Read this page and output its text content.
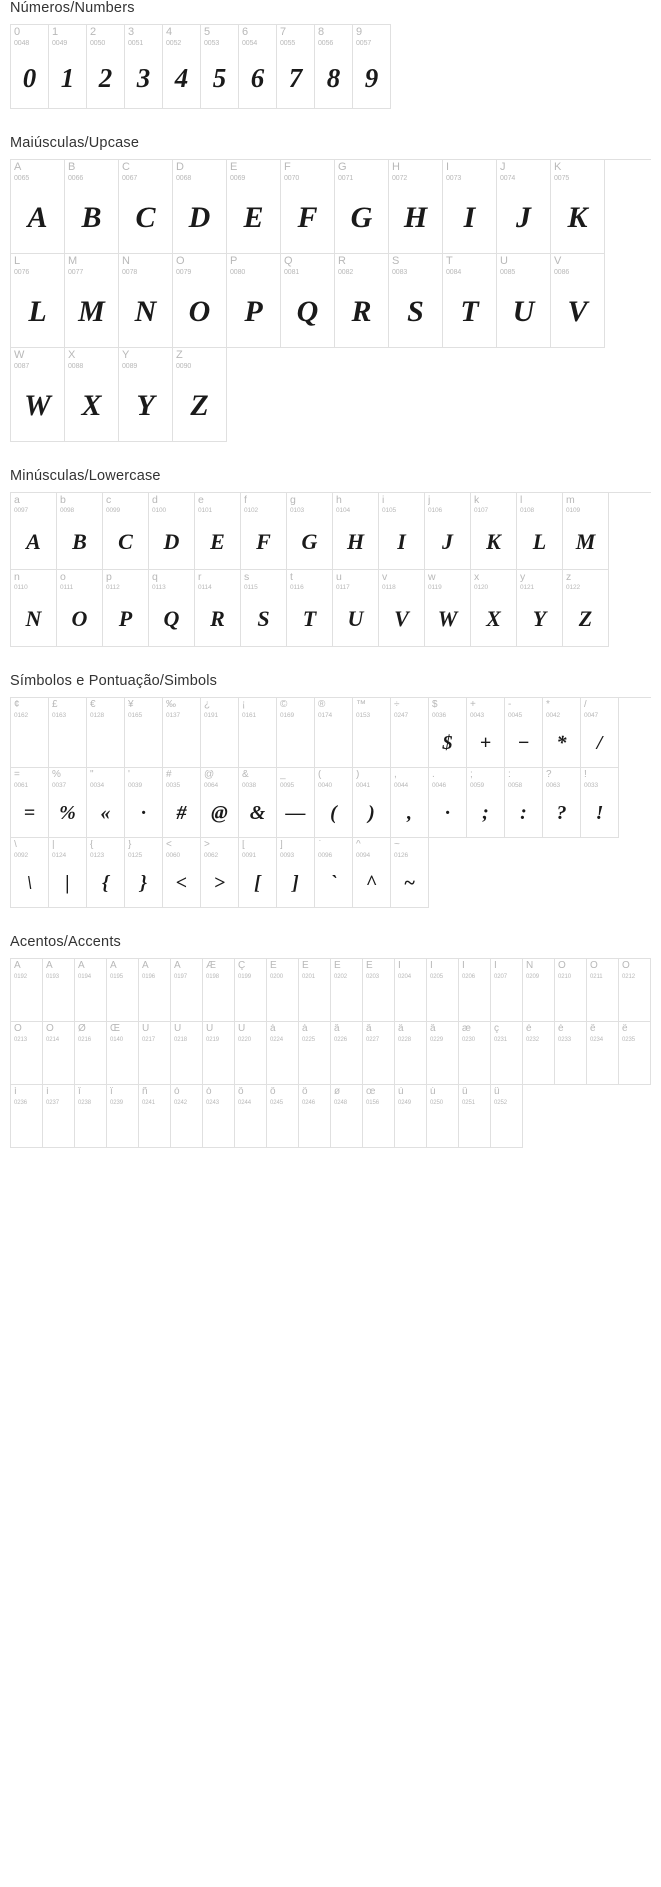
Números/Numbers
0
0048
0
1
0049
1
2
0050
2
3
0051
3
4
0052
4
5
0053
5
6
0054
6
7
0055
7
8
0056
8
9
0057
9
Maiúsculas/Upcase
A
0065
A
B
0066
B
C
0067
C
D
0068
D
E
0069
E
F
0070
F
G
0071
G
H
0072
H
I
0073
I
J
0074
J
K
0075
K
L
0076
L
M
0077
M
N
0078
N
O
0079
O
P
0080
P
Q
0081
Q
R
0082
R
S
0083
S
T
0084
T
U
0085
U
V
0086
V
W
0087
W
X
0088
X
Y
0089
Y
Z
0090
Z
Minúsculas/Lowercase
a
0097
A
b
0098
B
c
0099
C
d
0100
D
e
0101
E
f
0102
F
g
0103
G
h
0104
H
i
0105
I
j
0106
J
k
0107
K
l
0108
L
m
0109
M
n
0110
N
o
0111
O
p
0112
P
q
0113
Q
r
0114
R
s
0115
S
t
0116
T
u
0117
U
v
0118
V
w
0119
W
x
0120
X
y
0121
Y
z
0122
Z
Símbolos e Pontuação/Simbols
¢
0162
£
0163
€
0128
¥
0165
‰
0137
¿
0191
¡
0161
©
0169
®
0174
™
0153
÷
0247
$
0036
$
+
0043
+
-
0045
−
*
0042
*
/
0047
/
=
0061
=
%
0037
%
"
0034
«
'
0039
·
#
0035
#
@
0064
@
&
0038
&
_
0095
—
(
0040
(
)
0041
)
,
0044
,
.
0046
·
;
0059
;
:
0058
:
?
0063
?
!
0033
!
\
0092
\
|
0124
|
{
0123
{
}
0125
}
<
0060
<
>
0062
>
[
0091
[
]
0093
]
`
0096
`
^
0094
^
~
0126
~
Acentos/Accents
À
0192
Á
0193
Â
0194
Ã
0195
Ä
0196
Å
0197
Æ
0198
Ç
0199
È
0200
É
0201
Ê
0202
Ë
0203
Ì
0204
Í
0205
Î
0206
Ï
0207
Ñ
0209
Ò
0210
Ó
0211
Ô
0212
Õ
0213
Ö
0214
Ø
0216
Œ
0140
Ù
0217
Ú
0218
Û
0219
Ü
0220
à
0224
á
0225
â
0226
ã
0227
ä
0228
â
0229
æ
0230
ç
0231
è
0232
é
0233
ê
0234
ë
0235
ì
0236
í
0237
î
0238
ï
0239
ñ
0241
ò
0242
ó
0243
ô
0244
õ
0245
ö
0246
ø
0248
œ
0156
ù
0249
ú
0250
û
0251
ü
0252
